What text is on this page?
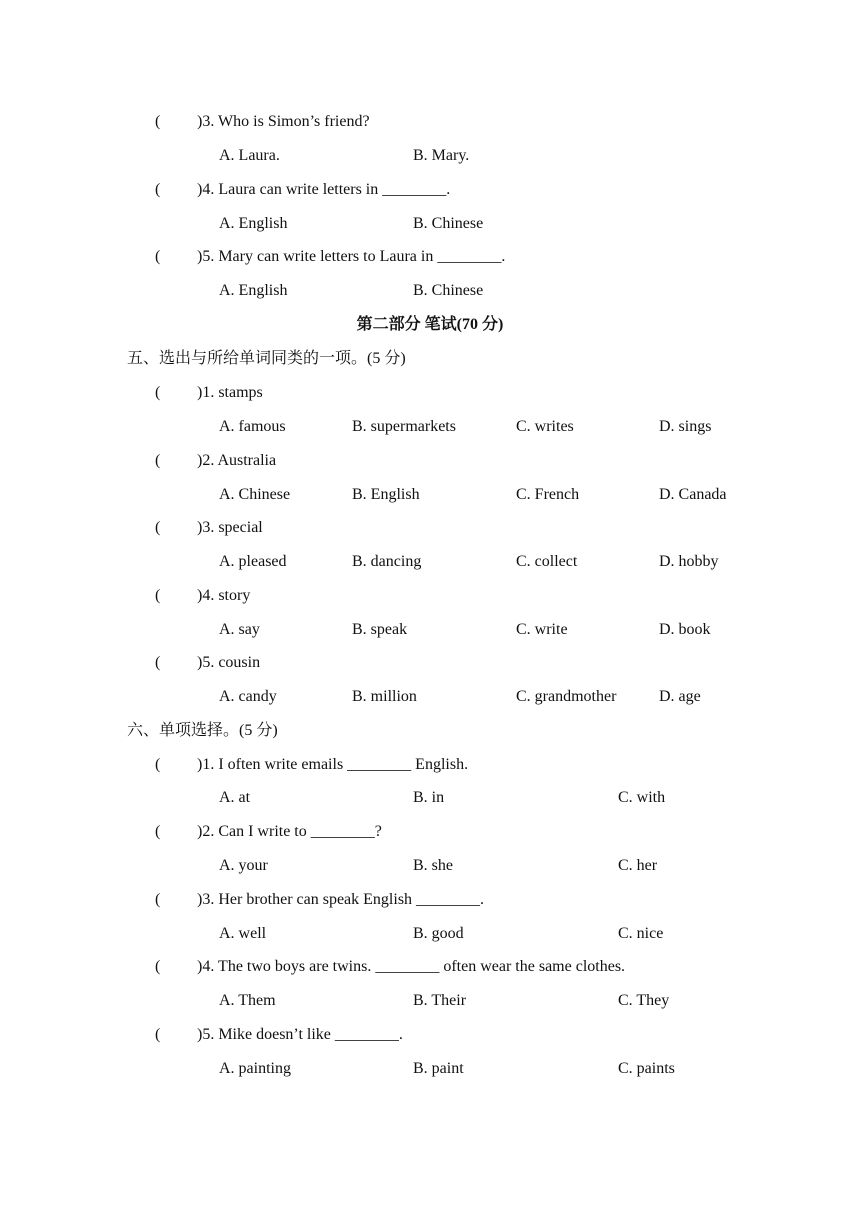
( )3. Who is Simon’s friend?
A. Laura.	B. Mary.
( )4. Laura can write letters in ________.
A. English	B. Chinese
( )5. Mary can write letters to Laura in ________.
A. English	B. Chinese
第二部分 笔试(70 分)
五、选出与所给单词同类的一项。(5 分)
( )1. stamps
A. famous	B. supermarkets	C. writes	D. sings
( )2. Australia
A. Chinese	B. English	C. French	D. Canada
( )3. special
A. pleased	B. dancing	C. collect	D. hobby
( )4. story
A. say	B. speak	C. write	D. book
( )5. cousin
A. candy	B. million	C. grandmother	D. age
六、单项选择。(5 分)
( )1. I often write emails ________ English.
A. at	B. in	C. with
( )2. Can I write to ________?
A. your	B. she	C. her
( )3. Her brother can speak English ________.
A. well	B. good	C. nice
( )4. The two boys are twins. ________ often wear the same clothes.
A. Them	B. Their	C. They
( )5. Mike doesn’t like ________.
A. painting	B. paint	C. paints
